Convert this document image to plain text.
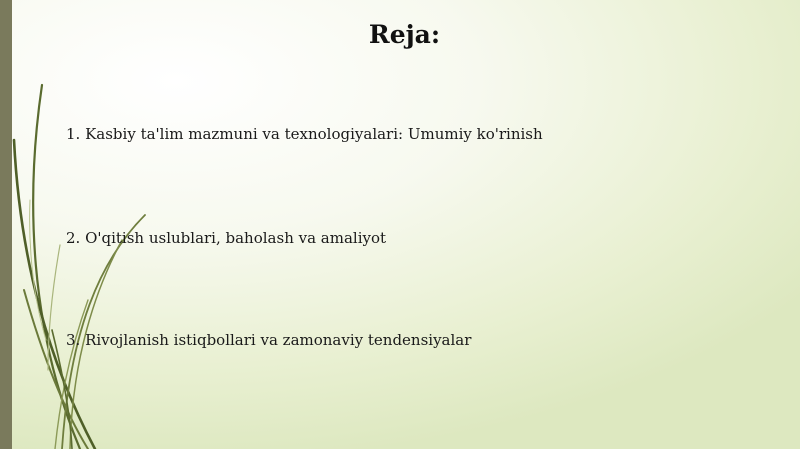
Reja:
1. Kasbiy ta'lim mazmuni va texnologiyalari: Umumiy ko'rinish
2. O'qitish uslublari, baholash va amaliyot
3. Rivojlanish istiqbollari va zamonaviy tendensiyalar
